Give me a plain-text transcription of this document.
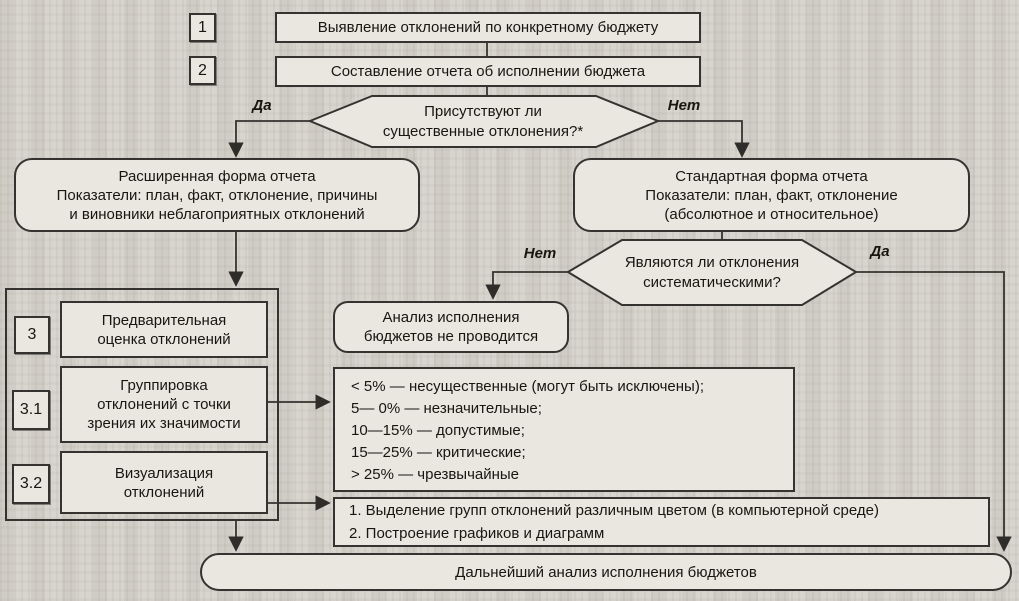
1
2
Выявление отклонений по конкретному бюджету
Составление отчета об исполнении бюджета
Присутствуют ли
существенные отклонения?*
Да	Нет
Расширенная форма отчета
Показатели: план, факт, отклонение, причины
и виновники неблагоприятных отклонений
Стандартная форма отчета
Показатели: план, факт, отклонение
(абсолютное и относительное)
Являются ли отклонения
систематическими?
Нет	Да
Анализ исполнения
бюджетов не проводится
3
Предварительная
оценка отклонений
3.1
Группировка
отклонений с точки
зрения их значимости
3.2
Визуализация
отклонений
< 5% — несущественные (могут быть исключены);
5— 0% — незначительные;
10—15% — допустимые;
15—25% — критические;
> 25% — чрезвычайные
1. Выделение групп отклонений различным цветом (в компьютерной среде)
2. Построение графиков и диаграмм
Дальнейший анализ исполнения бюджетов
